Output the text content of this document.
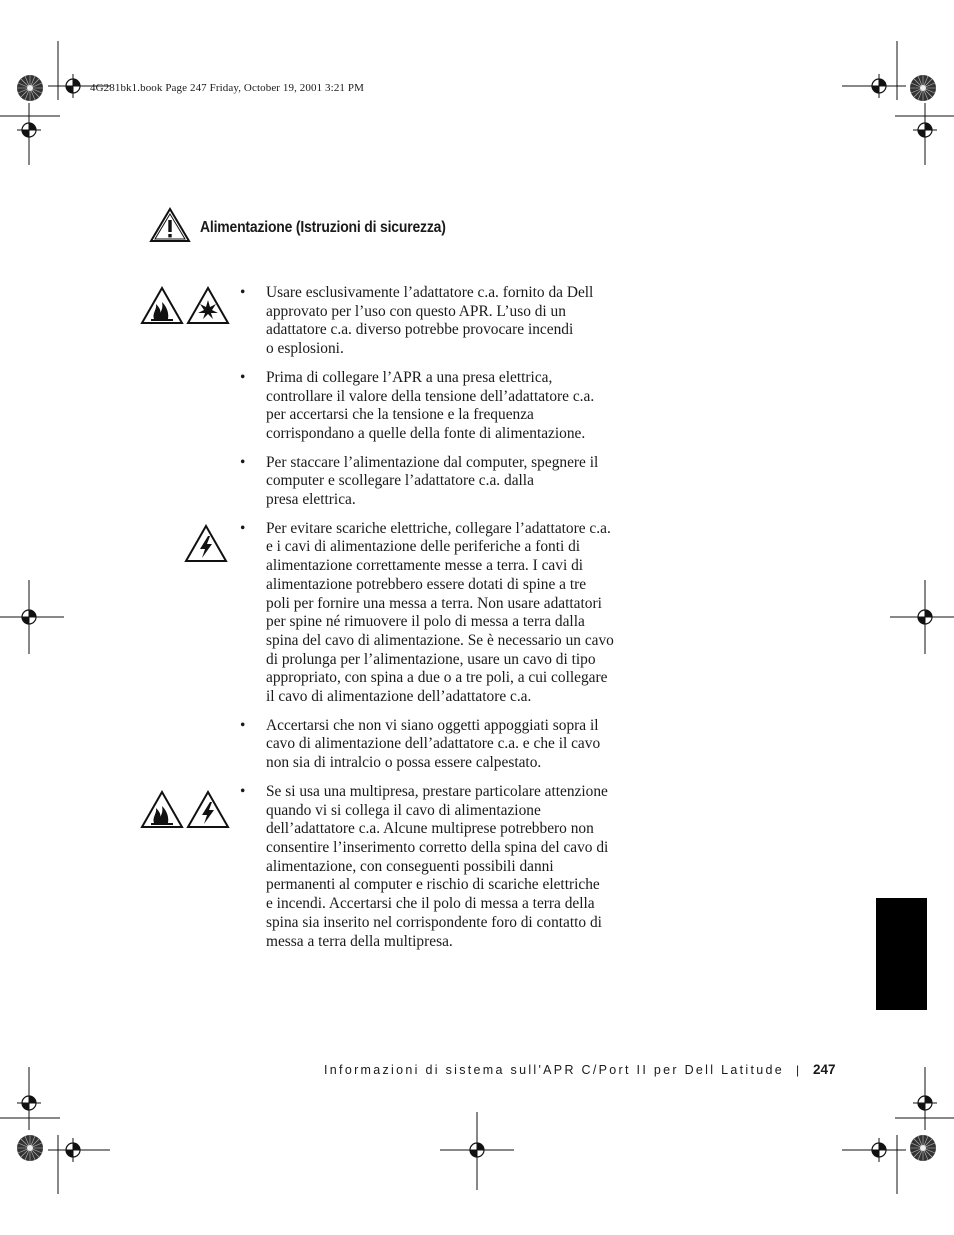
4G281bk1.book Page 247 Friday, October 19, 2001 3:21 PM
Alimentazione (Istruzioni di sicurezza)
• Usare esclusivamente l’adattatore c.a. fornito da Dell
approvato per l’uso con questo APR. L’uso di un
adattatore c.a. diverso potrebbe provocare incendi
o esplosioni.
• Prima di collegare l’APR a una presa elettrica,
controllare il valore della tensione dell’adattatore c.a.
per accertarsi che la tensione e la frequenza
corrispondano a quelle della fonte di alimentazione.
• Per staccare l’alimentazione dal computer, spegnere il
computer e scollegare l’adattatore c.a. dalla
presa elettrica.
• Per evitare scariche elettriche, collegare l’adattatore c.a.
e i cavi di alimentazione delle periferiche a fonti di
alimentazione correttamente messe a terra. I cavi di
alimentazione potrebbero essere dotati di spine a tre
poli per fornire una messa a terra. Non usare adattatori
per spine né rimuovere il polo di messa a terra dalla
spina del cavo di alimentazione. Se è necessario un cavo
di prolunga per l’alimentazione, usare un cavo di tipo
appropriato, con spina a due o a tre poli, a cui collegare
il cavo di alimentazione dell’adattatore c.a.
• Accertarsi che non vi siano oggetti appoggiati sopra il
cavo di alimentazione dell’adattatore c.a. e che il cavo
non sia di intralcio o possa essere calpestato.
• Se si usa una multipresa, prestare particolare attenzione
quando vi si collega il cavo di alimentazione
dell’adattatore c.a. Alcune multiprese potrebbero non
consentire l’inserimento corretto della spina del cavo di
alimentazione, con conseguenti possibili danni
permanenti al computer e rischio di scariche elettriche
e incendi. Accertarsi che il polo di messa a terra della
spina sia inserito nel corrispondente foro di contatto di
messa a terra della multipresa.
Informazioni di sistema sull'APR C/Port II per Dell Latitude | 247
